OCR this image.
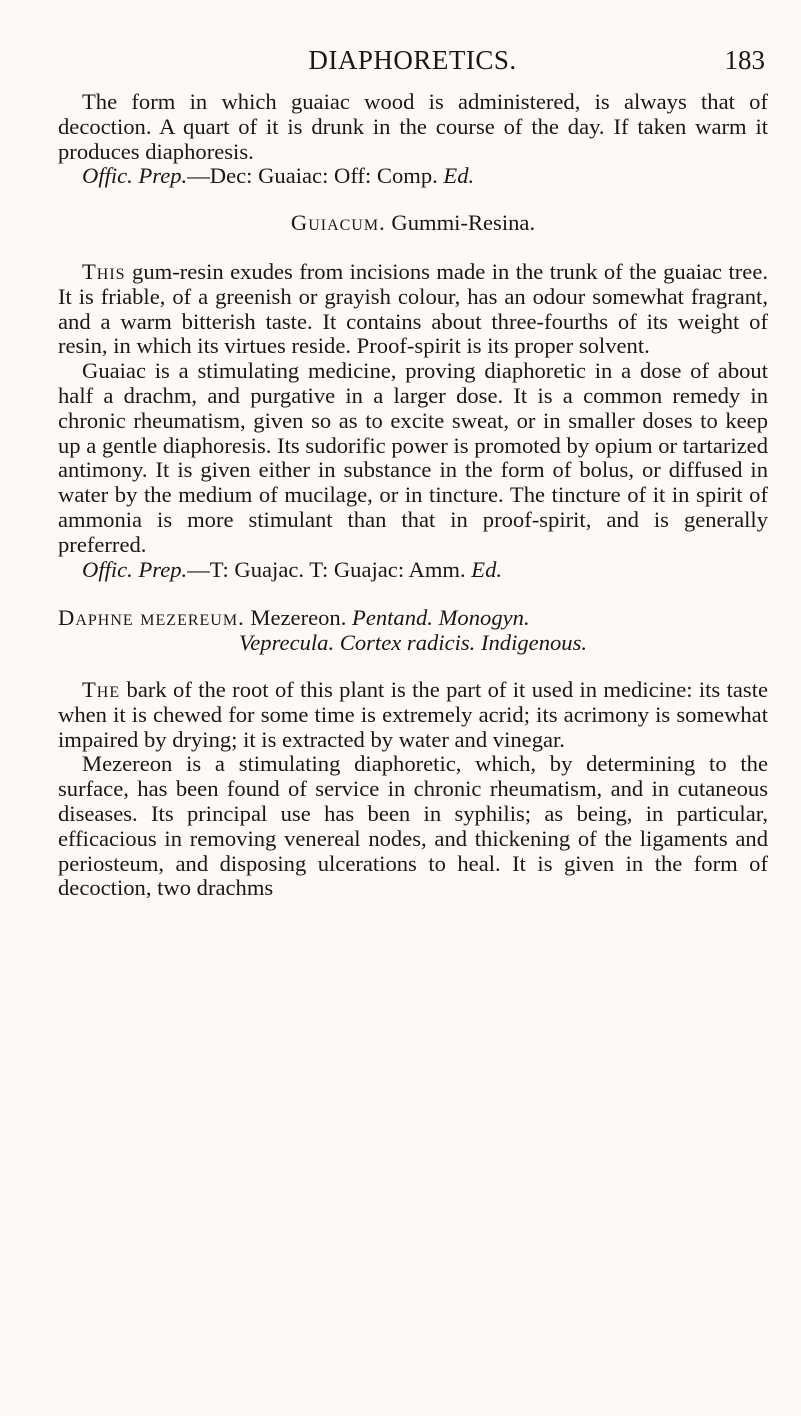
DIAPHORETICS.	183

The form in which guaiac wood is administered, is always that of decoction. A quart of it is drunk in the course of the day. If taken warm it produces diaphoresis.

Offic. Prep.—Dec: Guaiac: Off: Comp. Ed.

Guiacum. Gummi-Resina.

This gum-resin exudes from incisions made in the trunk of the guaiac tree. It is friable, of a greenish or grayish colour, has an odour somewhat fragrant, and a warm bitterish taste. It contains about three-fourths of its weight of resin, in which its virtues reside. Proof-spirit is its proper solvent.

Guaiac is a stimulating medicine, proving diaphoretic in a dose of about half a drachm, and purgative in a larger dose. It is a common remedy in chronic rheumatism, given so as to excite sweat, or in smaller doses to keep up a gentle diaphoresis. Its sudorific power is promoted by opium or tartarized antimony. It is given either in substance in the form of bolus, or diffused in water by the medium of mucilage, or in tincture. The tincture of it in spirit of ammonia is more stimulant than that in proof-spirit, and is generally preferred.

Offic. Prep.—T: Guajac. T: Guajac: Amm. Ed.

Daphne mezereum. Mezereon. Pentand. Monogyn.

Veprecula. Cortex radicis. Indigenous.

The bark of the root of this plant is the part of it used in medicine: its taste when it is chewed for some time is extremely acrid; its acrimony is somewhat impaired by drying; it is extracted by water and vinegar.

Mezereon is a stimulating diaphoretic, which, by determining to the surface, has been found of service in chronic rheumatism, and in cutaneous diseases. Its principal use has been in syphilis; as being, in particular, efficacious in removing venereal nodes, and thickening of the ligaments and periosteum, and disposing ulcerations to heal. It is given in the form of decoction, two drachms
